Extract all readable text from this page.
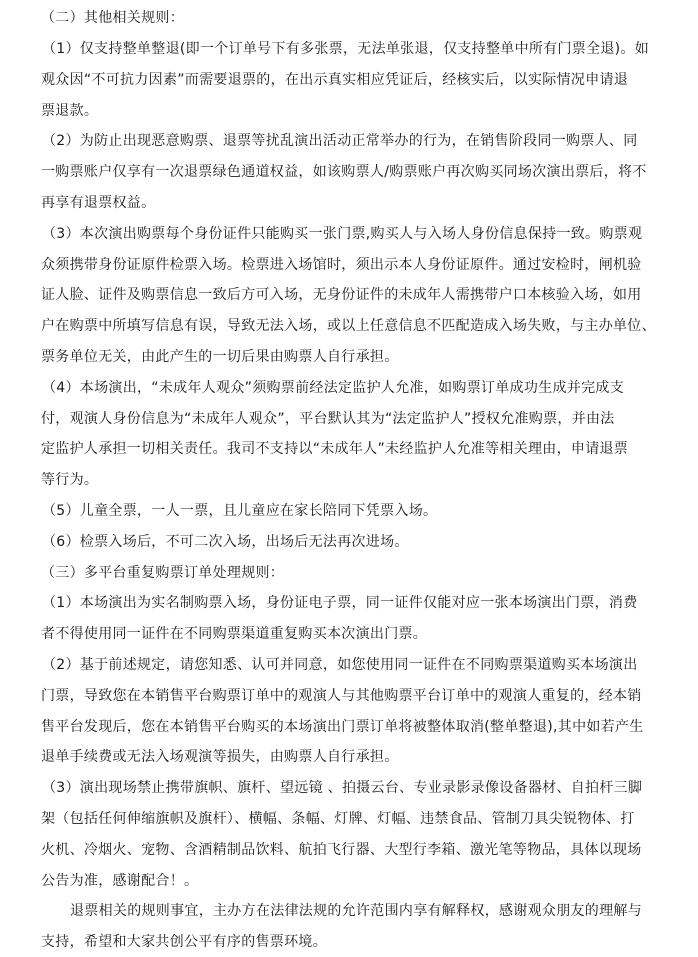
（二）其他相关规则：
（1）仅支持整单整退(即一个订单号下有多张票，无法单张退，仅支持整单中所有门票全退)。如
观众因“不可抗力因素”而需要退票的，在出示真实相应凭证后，经核实后，以实际情况申请退
票退款。
（2）为防止出现恶意购票、退票等扰乱演出活动正常举办的行为，在销售阶段同一购票人、同
一购票账户仅享有一次退票绿色通道权益，如该购票人/购票账户再次购买同场次演出票后，将不
再享有退票权益。
（3）本次演出购票每个身份证件只能购买一张门票,购买人与入场人身份信息保持一致。购票观
众须携带身份证原件检票入场。检票进入场馆时，须出示本人身份证原件。通过安检时，闸机验
证人脸、证件及购票信息一致后方可入场，无身份证件的未成年人需携带户口本核验入场，如用
户在购票中所填写信息有误，导致无法入场，或以上任意信息不匹配造成入场失败，与主办单位、
票务单位无关，由此产生的一切后果由购票人自行承担。
（4）本场演出，“未成年人观众”须购票前经法定监护人允准，如购票订单成功生成并完成支
付，观演人身份信息为“未成年人观众”，平台默认其为“法定监护人”授权允准购票，并由法
定监护人承担一切相关责任。我司不支持以“未成年人”未经监护人允准等相关理由，申请退票
等行为。
（5）儿童全票，一人一票，且儿童应在家长陪同下凭票入场。
（6）检票入场后，不可二次入场，出场后无法再次进场。
（三）多平台重复购票订单处理规则：
（1）本场演出为实名制购票入场，身份证电子票，同一证件仅能对应一张本场演出门票，消费
者不得使用同一证件在不同购票渠道重复购买本次演出门票。
（2）基于前述规定，请您知悉、认可并同意，如您使用同一证件在不同购票渠道购买本场演出
门票，导致您在本销售平台购票订单中的观演人与其他购票平台订单中的观演人重复的，经本销
售平台发现后，您在本销售平台购买的本场演出门票订单将被整体取消(整单整退),其中如若产生
退单手续费或无法入场观演等损失，由购票人自行承担。
（3）演出现场禁止携带旗帜、旗杆、望远镜 、拍摄云台、专业录影录像设备器材、自拍杆三脚
架（包括任何伸缩旗帜及旗杆）、横幅、条幅、灯牌、灯幅、违禁食品、管制刀具尖锐物体、打
火机、冷烟火、宠物、含酒精制品饮料、航拍飞行器、大型行李箱、激光笔等物品，具体以现场
公告为准，感谢配合！。
退票相关的规则事宜，主办方在法律法规的允许范围内享有解释权，感谢观众朋友的理解与
支持，希望和大家共创公平有序的售票环境。
